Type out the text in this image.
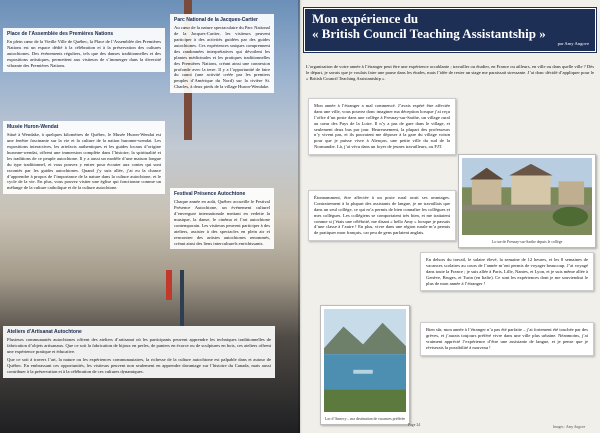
Place de l’Assemblée des Premières Nations

En plein cœur de la Vieille Ville de Québec, la Place de l’Assemblée des Premières Nations est un espace dédié à la célébration et à la préservation des cultures autochtones. Des événements réguliers, tels que des danses traditionnelles et des expositions artistiques, permettent aux visiteurs de s’immerger dans la diversité vibrante des Premières Nations.

Musée Huron-Wendat

Situé à Wendake, à quelques kilomètres de Québec, le Musée Huron-Wendat est une fenêtre fascinante sur la vie et la culture de la nation huronne-wendat. Les expositions interactives, les artefacts authentiques et les guides locaux d’origine huronne-wendat, offrent une immersion complète dans l’histoire, la spiritualité et les traditions de ce peuple autochtone. Il y a aussi un modèle d’une maison longue du type traditionnel, et vous pouvez y entrer pour écouter aux contes qui sont racontés par les guides autochtones. Quand j’y suis allée, j’ai eu la chance d’apprendre à propos de l’importance de la nature dans la culture autochtone, et le cycle de la vie. En plus, vous pouvez visiter une église qui fonctionne comme un mélange de la culture catholique et de la culture autochtone.

Parc National de la Jacques-Cartier

Au cœur de la nature spectaculaire du Parc National de la Jacques-Cartier, les visiteurs peuvent participer à des activités guidées par des guides autochtones. Ces expériences uniques comprennent des randonnées interprétatives qui dévoilent les plantes médicinales et les pratiques traditionnelles des Premières Nations, créant ainsi une connexion profonde avec la terre. Il y a l’opportunité de faire du canot (une activité créée par les premiers peuples d’Amérique du Nord) sur la rivière St. Charles, à deux pieds de la village Huron-Wendake.

Festival Présence Autochtone

Chaque année en août, Québec accueille le Festival Présence Autochtone, un événement culturel d’envergure internationale mettant en vedette la musique, la danse, le cinéma et l’art autochtone contemporain. Les visiteurs peuvent participer à des ateliers, assister à des spectacles en plein air et rencontrer des artistes autochtones renommés, créant ainsi des liens interculturels enrichissants.

Ateliers d’Artisanat Autochtone

Plusieurs communautés autochtones offrent des ateliers d’artisanat où les participants peuvent apprendre les techniques traditionnelles de fabrication d’objets artisanaux. Que ce soit la fabrication de bijoux en perles, de paniers en écorce ou de sculptures en bois, ces ateliers offrent une expérience pratique et éducative.

Que ce soit à travers l’art, la nature ou les expériences communautaires, la richesse de la culture autochtone est palpable dans et autour de Québec. En embrassant ces opportunités, les visiteurs peuvent non seulement en apprendre davantage sur l’histoire du Canada, mais aussi contribuer à la préservation et à la célébration de ces cultures dynamiques.

Mon expérience du
« British Council Teaching Assistantship »
par Amy Angove

L’organisation de votre année à l’étranger peut être une expérience accablante ; travailler ou étudier, en France ou ailleurs, en ville ou dans quelle ville ? Dès le départ, je savais que je voulais faire une pause dans les études, mais l’idée de rester un stage me paraissait stressante. J’ai donc décidé d’appliquer pour le « British Council Teaching Assistantship ».

Mon année à l’étranger a mal commencé. J’avais espéré être affectée dans une ville, vous pouvez donc imaginer ma déception lorsque j’ai reçu l’offre d’un poste dans une collège à Fresnay-sur-Sarthe, un village rural au cœur des Pays de la Loire. Il n’y a pas de gare dans le village, et seulement deux bus par jour. Heureusement, la plupart des professeurs n’y vivent pas, et ils pouvaient me déposer à la gare du village voisin pour que je puisse vivre à Alençon, une petite ville du sud de la Normandie. Là, j’ai vécu dans un foyer de jeunes travailleurs, ou FJT.

La rue de Fresnay-sur-Sarthe depuis le collège

Étonnamment, être affectée à un poste rural avait ses avantages. Contrairement à la plupart des assistants de langue, je ne travaillais que dans un seul collège, ce qui m’a permis de bien connaître les collègues et mes collègues. Les collégiens se comportaient très bien, et me traitaient comme si j’étais une célébrité, me disant « hello Amy » lorsque je passais d’une classe à l’autre ! En plus, vivre dans une région rurale m’a permis de pratiquer mon français, car peu de gens parlaient anglais.

Lac d’Annecy – ma destination de vacances préférée

En dehors du travail, le salaire élevé, la semaine de 12 heures, et les 8 semaines de vacances scolaires au cours de l’année m’ont permis de voyager beaucoup. J’ai voyagé dans toute la France ; je suis allée à Paris, Lille, Nantes, et Lyon, et je suis même allée à Genève, Bruges, et Turin (en Italie). Ce sont les expériences dont je me souviendrai le plus de mon année à l’étranger !

Bien sûr, mon année à l’étranger n’a pas été parfaite – j’ai fortement été touchée par des grèves, et j’aurais toujours préféré vivre dans une ville plus urbaine. Néanmoins, j’ai vraiment apprécié l’expérience d’être une assistante de langue, et je pense que je réviserais la possibilité à nouveau !

Page 24	Images : Amy Angove
